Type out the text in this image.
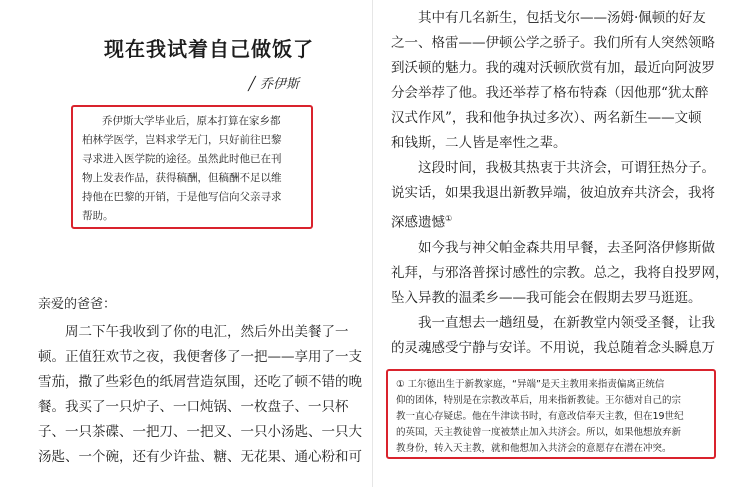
现在我试着自己做饭了
╱ 乔伊斯
乔伊斯大学毕业后，原本打算在家乡都
柏林学医学，岂料求学无门，只好前往巴黎
寻求进入医学院的途径。虽然此时他已在刊
物上发表作品，获得稿酬，但稿酬不足以维
持他在巴黎的开销，于是他写信向父亲寻求
帮助。
亲爱的爸爸：
周二下午我收到了你的电汇，然后外出美餐了一
顿。正值狂欢节之夜，我便奢侈了一把——享用了一支
雪茄，撒了些彩色的纸屑营造氛围，还吃了顿不错的晚
餐。我买了一只炉子、一口炖锅、一枚盘子、一只杯
子、一只茶碟、一把刀、一把叉、一只小汤匙、一只大
汤匙、一个碗，还有少许盐、糖、无花果、通心粉和可
其中有几名新生，包括戈尔——汤姆·佩顿的好友
之一、格雷——伊顿公学之骄子。我们所有人突然领略
到沃顿的魅力。我的魂对沃顿欣赏有加，最近向阿波罗
分会举荐了他。我还举荐了格布特森（因他那“犹太醉
汉式作风”，我和他争执过多次）、两名新生——文顿
和钱斯，二人皆是率性之辈。
这段时间，我极其热衷于共济会，可谓狂热分子。
说实话，如果我退出新教异端，彼迫放弃共济会，我将
深感遗憾①
如今我与神父帕金森共用早餐，去圣阿洛伊修斯做
礼拜，与邪洛普探讨感性的宗教。总之，我将自投罗网，
坠入异教的温柔乡——我可能会在假期去罗马逛逛。
我一直想去一趟纽曼，在新教堂内领受圣餐，让我
的灵魂感受宁静与安详。不用说，我总随着念头瞬息万
① 工尔德出生于新教家庭，“异端”是天主教用来指责偏离正统信
仰的团体，特别是在宗教改革后，用来指新教徒。王尔德对自己的宗
教一直心存疑虑。他在牛津读书时，有意改信奉天主教，但在19世纪
的英国，天主教徒曾一度被禁止加入共济会。所以，如果他想放弃新
教身份，转入天主教，就和他想加入共济会的意愿存在潜在冲突。
